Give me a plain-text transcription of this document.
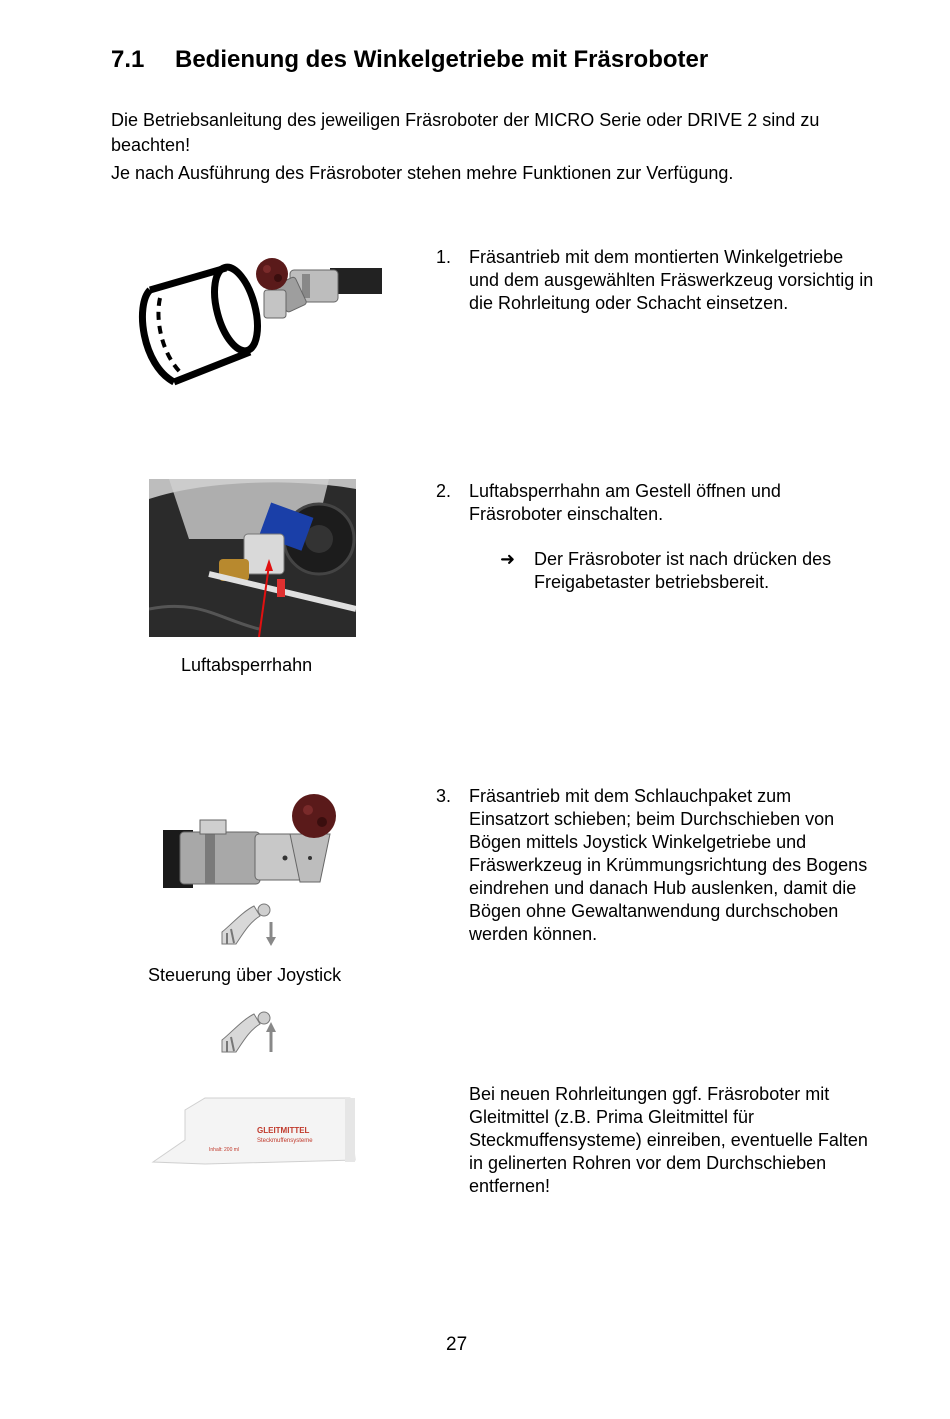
7.1 Bedienung des Winkelgetriebe mit Fräsroboter
Die Betriebsanleitung des jeweiligen Fräsroboter der MICRO Serie oder DRIVE 2 sind zu beachten!
Je nach Ausführung des Fräsroboter stehen mehre Funktionen zur Verfügung.
1. Fräsantrieb mit dem montierten Winkelgetriebe und dem ausgewählten Fräswerkzeug vorsichtig in die Rohrleitung oder Schacht einsetzen.
Luftabsperrhahn
2. Luftabsperrhahn am Gestell öffnen und Fräsroboter einschalten.
➜ Der Fräsroboter ist nach drücken des Freigabetaster betriebsbereit.
Steuerung über Joystick
3. Fräsantrieb mit dem Schlauchpaket zum Einsatzort schieben; beim Durchschieben von Bögen mittels Joystick Winkelgetriebe und Fräswerkzeug in Krümmungsrichtung des Bogens eindrehen und danach Hub auslenken, damit die Bögen ohne Gewaltanwendung durchschoben werden können.
GLEITMITTEL
Steckmuffensysteme
Inhalt: 200 ml
Bei neuen Rohrleitungen ggf. Fräsroboter mit Gleitmittel (z.B. Prima Gleitmittel für Steckmuffensysteme) einreiben, eventuelle Falten in gelinerten Rohren vor dem Durchschieben entfernen!
27
